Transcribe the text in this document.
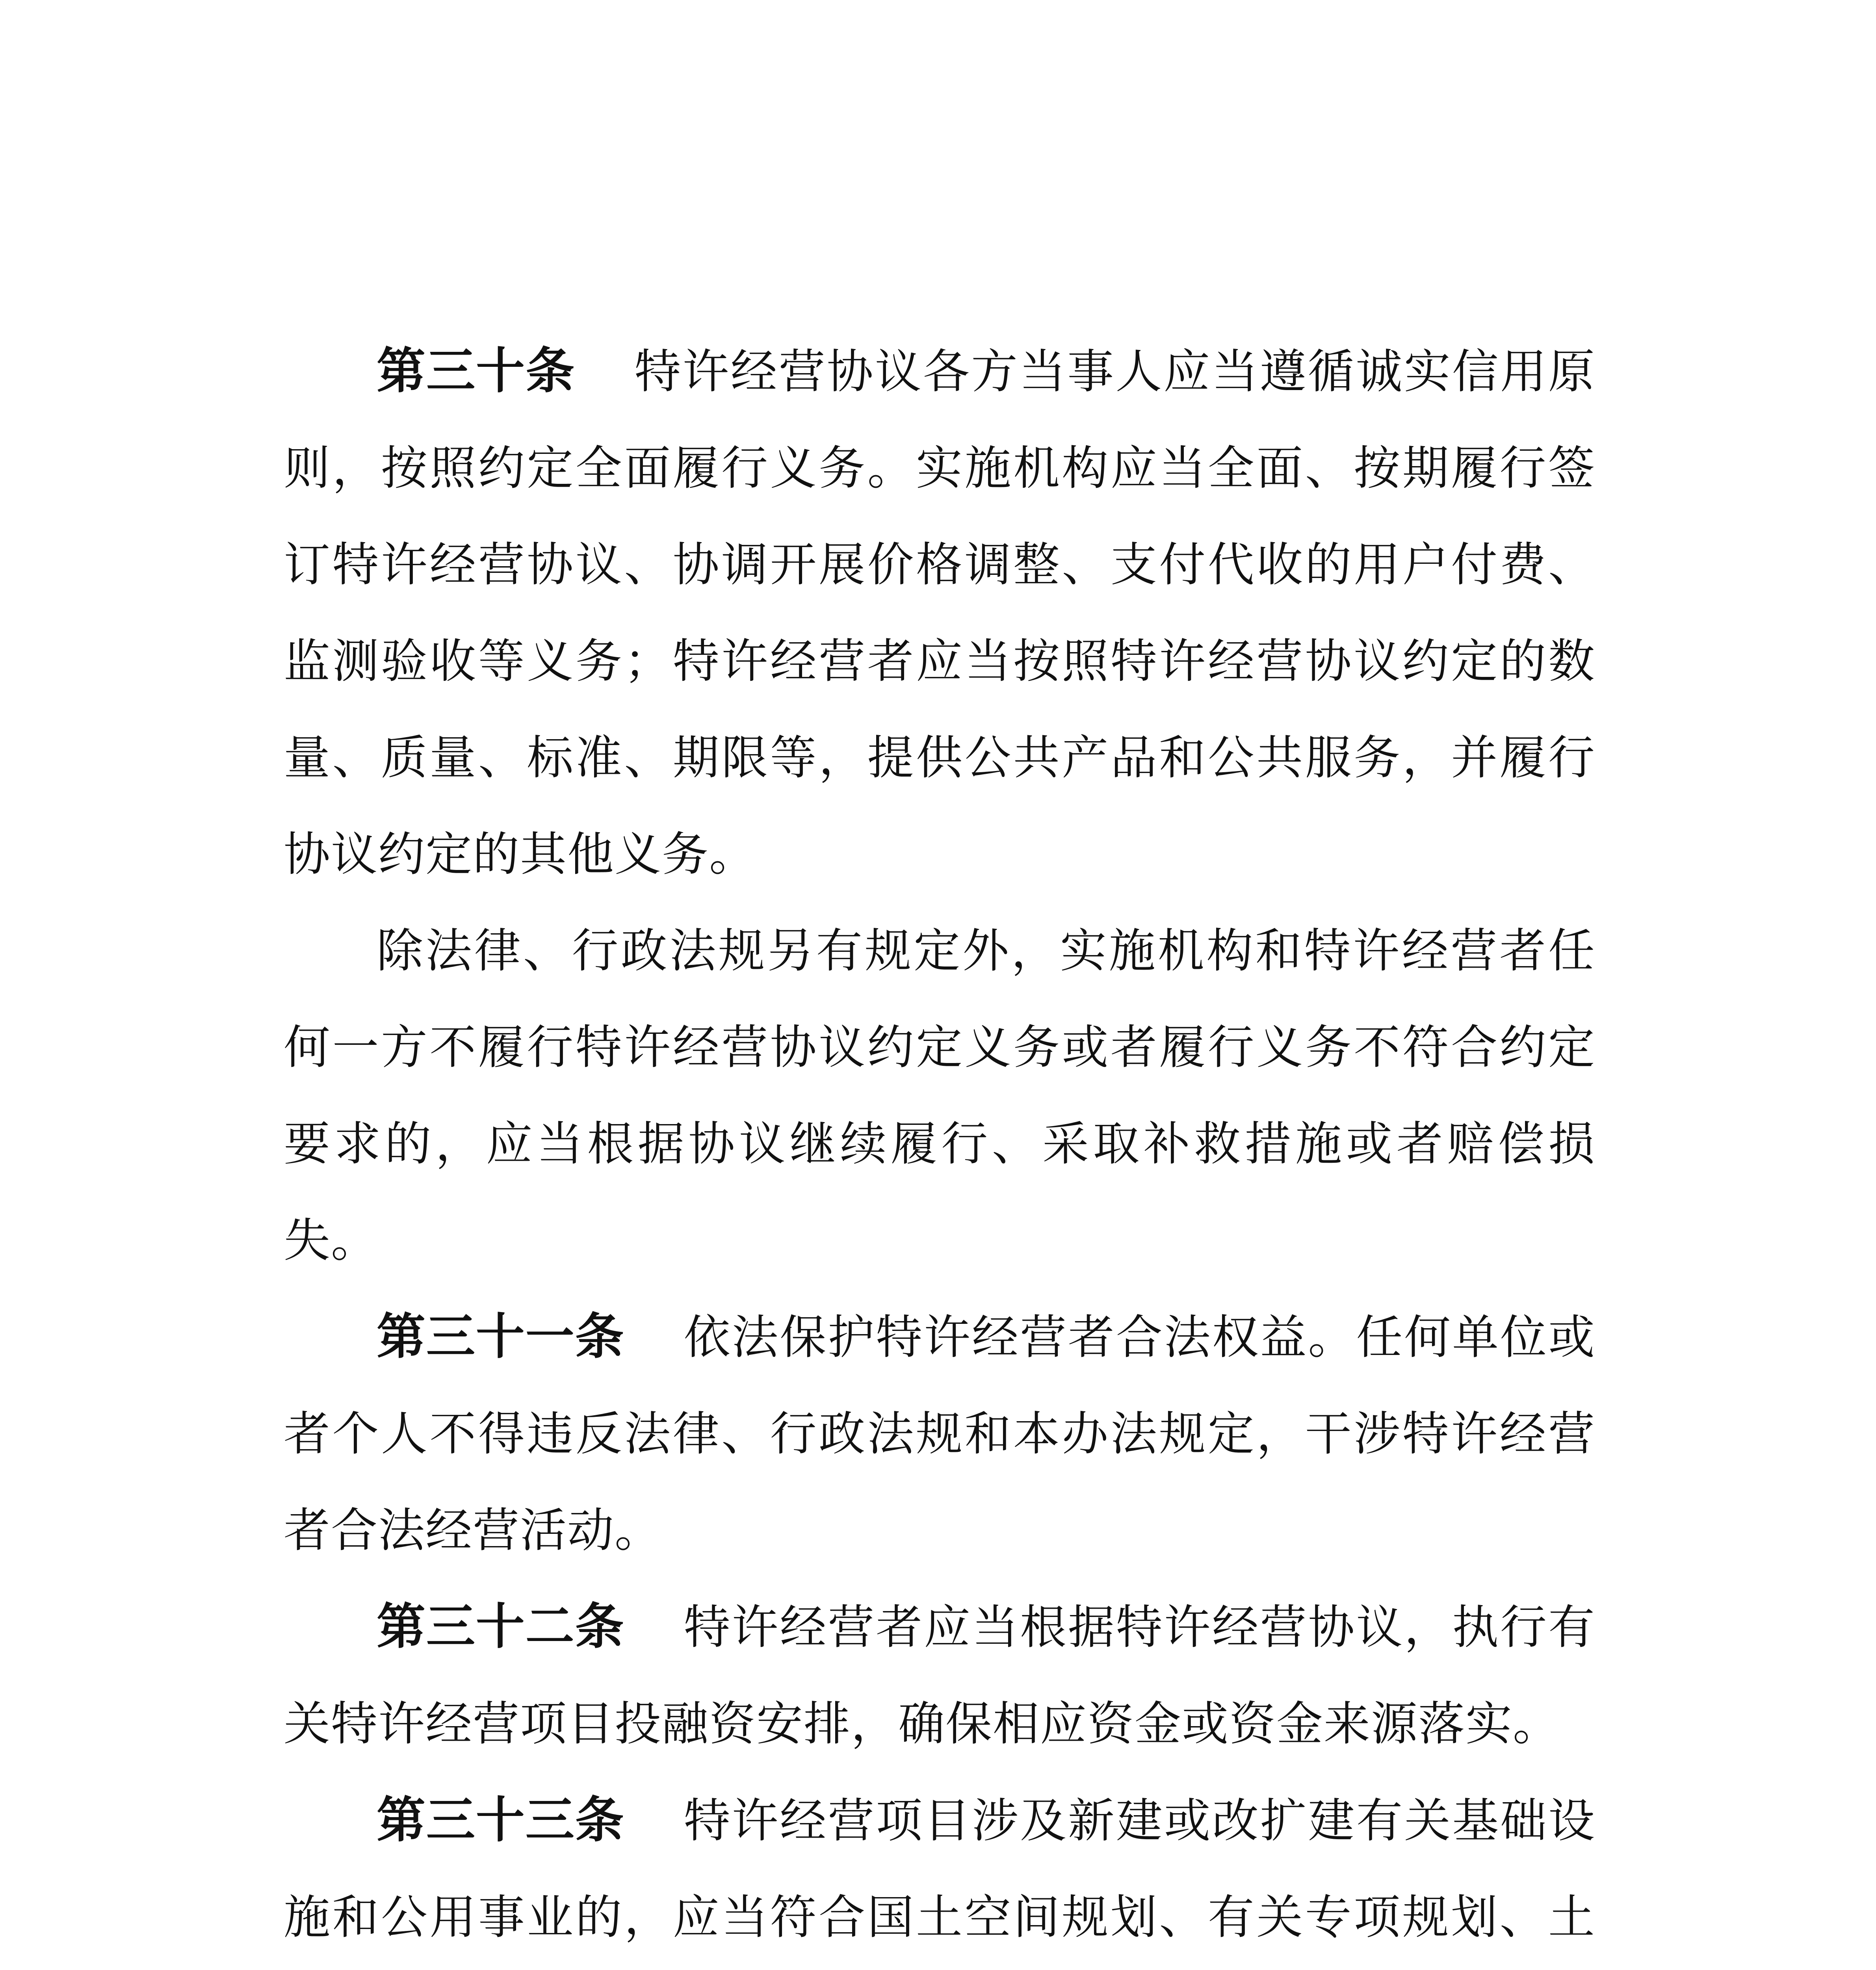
第三十条 特许经营协议各方当事人应当遵循诚实信用原则，按照约定全面履行义务。实施机构应当全面、按期履行签订特许经营协议、协调开展价格调整、支付代收的用户付费、监测验收等义务；特许经营者应当按照特许经营协议约定的数量、质量、标准、期限等，提供公共产品和公共服务，并履行协议约定的其他义务。

除法律、行政法规另有规定外，实施机构和特许经营者任何一方不履行特许经营协议约定义务或者履行义务不符合约定要求的，应当根据协议继续履行、采取补救措施或者赔偿损失。

第三十一条 依法保护特许经营者合法权益。任何单位或者个人不得违反法律、行政法规和本办法规定，干涉特许经营者合法经营活动。

第三十二条 特许经营者应当根据特许经营协议，执行有关特许经营项目投融资安排，确保相应资金或资金来源落实。

第三十三条 特许经营项目涉及新建或改扩建有关基础设施和公用事业的，应当符合国土空间规划、有关专项规划、土
